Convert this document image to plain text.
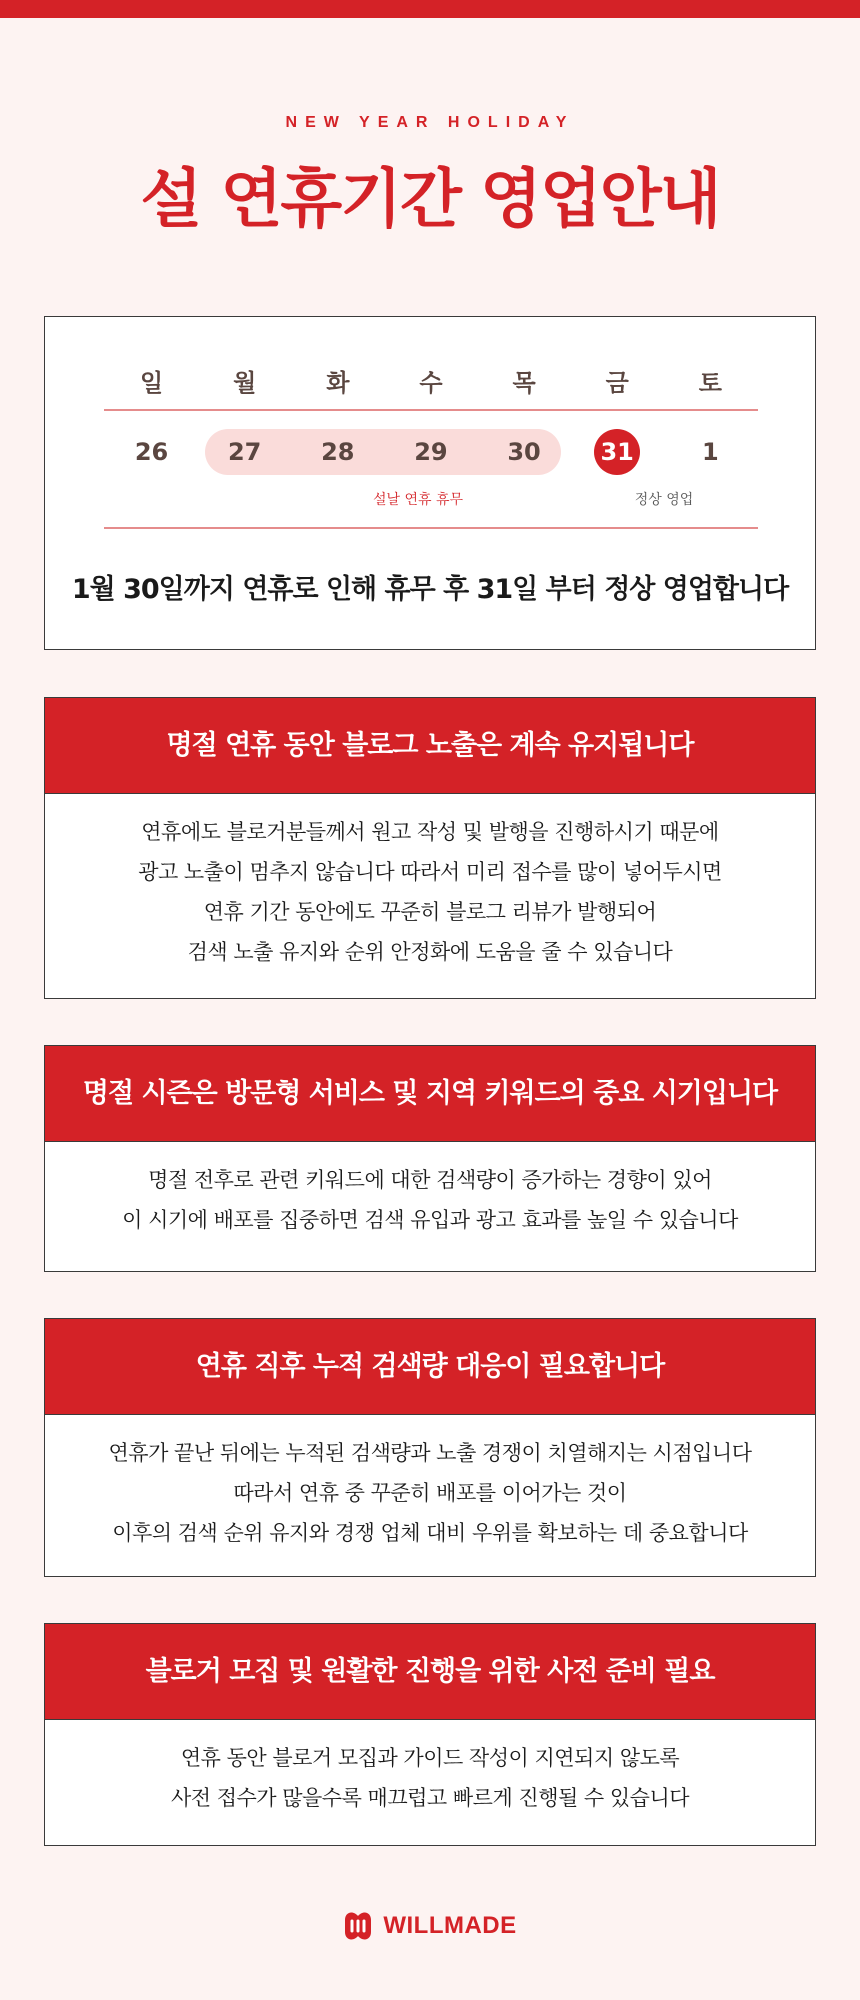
NEW YEAR HOLIDAY
설 연휴기간 영업안내
일	월	화	수	목	금	토
26	27	28	29	30	31	1
설날 연휴 휴무	정상 영업
1월 30일까지 연휴로 인해 휴무 후 31일 부터 정상 영업합니다
명절 연휴 동안 블로그 노출은 계속 유지됩니다

연휴에도 블로거분들께서 원고 작성 및 발행을 진행하시기 때문에

광고 노출이 멈추지 않습니다 따라서 미리 접수를 많이 넣어두시면

연휴 기간 동안에도 꾸준히 블로그 리뷰가 발행되어

검색 노출 유지와 순위 안정화에 도움을 줄 수 있습니다

명절 시즌은 방문형 서비스 및 지역 키워드의 중요 시기입니다

명절 전후로 관련 키워드에 대한 검색량이 증가하는 경향이 있어

이 시기에 배포를 집중하면 검색 유입과 광고 효과를 높일 수 있습니다

연휴 직후 누적 검색량 대응이 필요합니다

연휴가 끝난 뒤에는 누적된 검색량과 노출 경쟁이 치열해지는 시점입니다

따라서 연휴 중 꾸준히 배포를 이어가는 것이

이후의 검색 순위 유지와 경쟁 업체 대비 우위를 확보하는 데 중요합니다

블로거 모집 및 원활한 진행을 위한 사전 준비 필요

연휴 동안 블로거 모집과 가이드 작성이 지연되지 않도록

사전 접수가 많을수록 매끄럽고 빠르게 진행될 수 있습니다

WILLMADE
